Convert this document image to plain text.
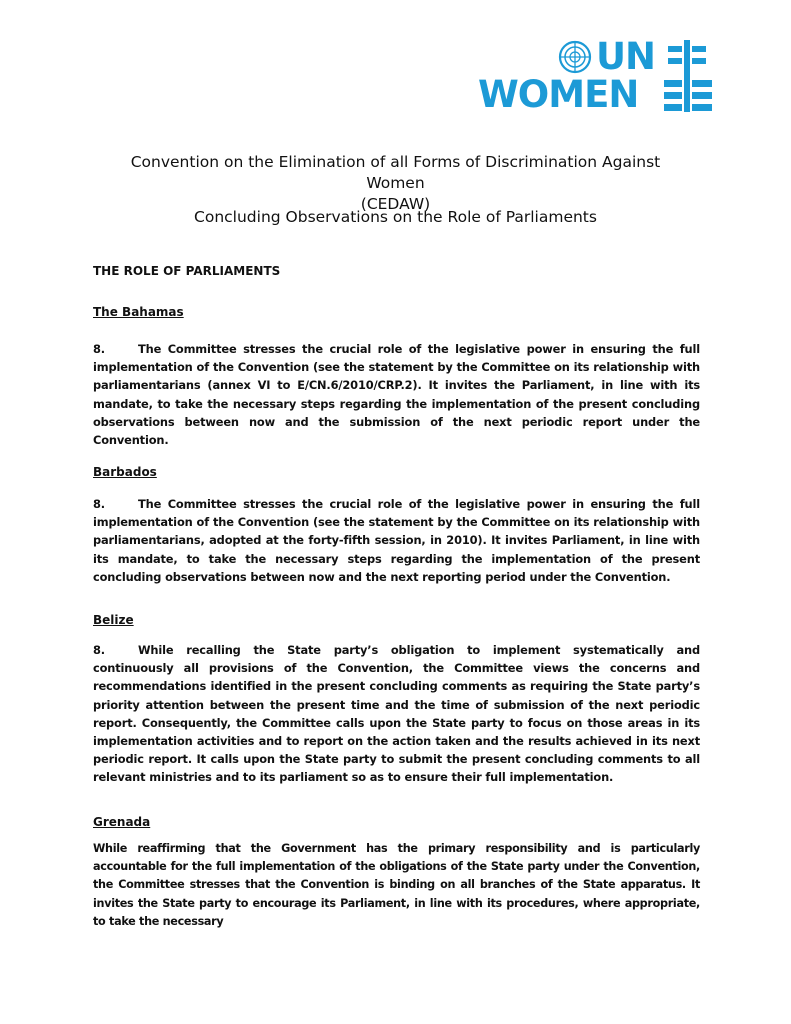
UN
WOMEN
Convention on the Elimination of all Forms of Discrimination Against Women
(CEDAW)
Concluding Observations on the Role of Parliaments
THE ROLE OF PARLIAMENTS
The Bahamas
8.	The Committee stresses the crucial role of the legislative power in ensuring the full implementation of the Convention (see the statement by the Committee on its relationship with parliamentarians (annex VI to E/CN.6/2010/CRP.2). It invites the Parliament, in line with its mandate, to take the necessary steps regarding the implementation of the present concluding observations between now and the submission of the next periodic report under the Convention.
Barbados
8.	The Committee stresses the crucial role of the legislative power in ensuring the full implementation of the Convention (see the statement by the Committee on its relationship with parliamentarians, adopted at the forty-fifth session, in 2010). It invites Parliament, in line with its mandate, to take the necessary steps regarding the implementation of the present concluding observations between now and the next reporting period under the Convention.
Belize
8.	While recalling the State party’s obligation to implement systematically and continuously all provisions of the Convention, the Committee views the concerns and recommendations identified in the present concluding comments as requiring the State party’s priority attention between the present time and the time of submission of the next periodic report. Consequently, the Committee calls upon the State party to focus on those areas in its implementation activities and to report on the action taken and the results achieved in its next periodic report. It calls upon the State party to submit the present concluding comments to all relevant ministries and to its parliament so as to ensure their full implementation.
Grenada
While reaffirming that the Government has the primary responsibility and is particularly accountable for the full implementation of the obligations of the State party under the Convention, the Committee stresses that the Convention is binding on all branches of the State apparatus. It invites the State party to encourage its Parliament, in line with its procedures, where appropriate, to take the necessary
